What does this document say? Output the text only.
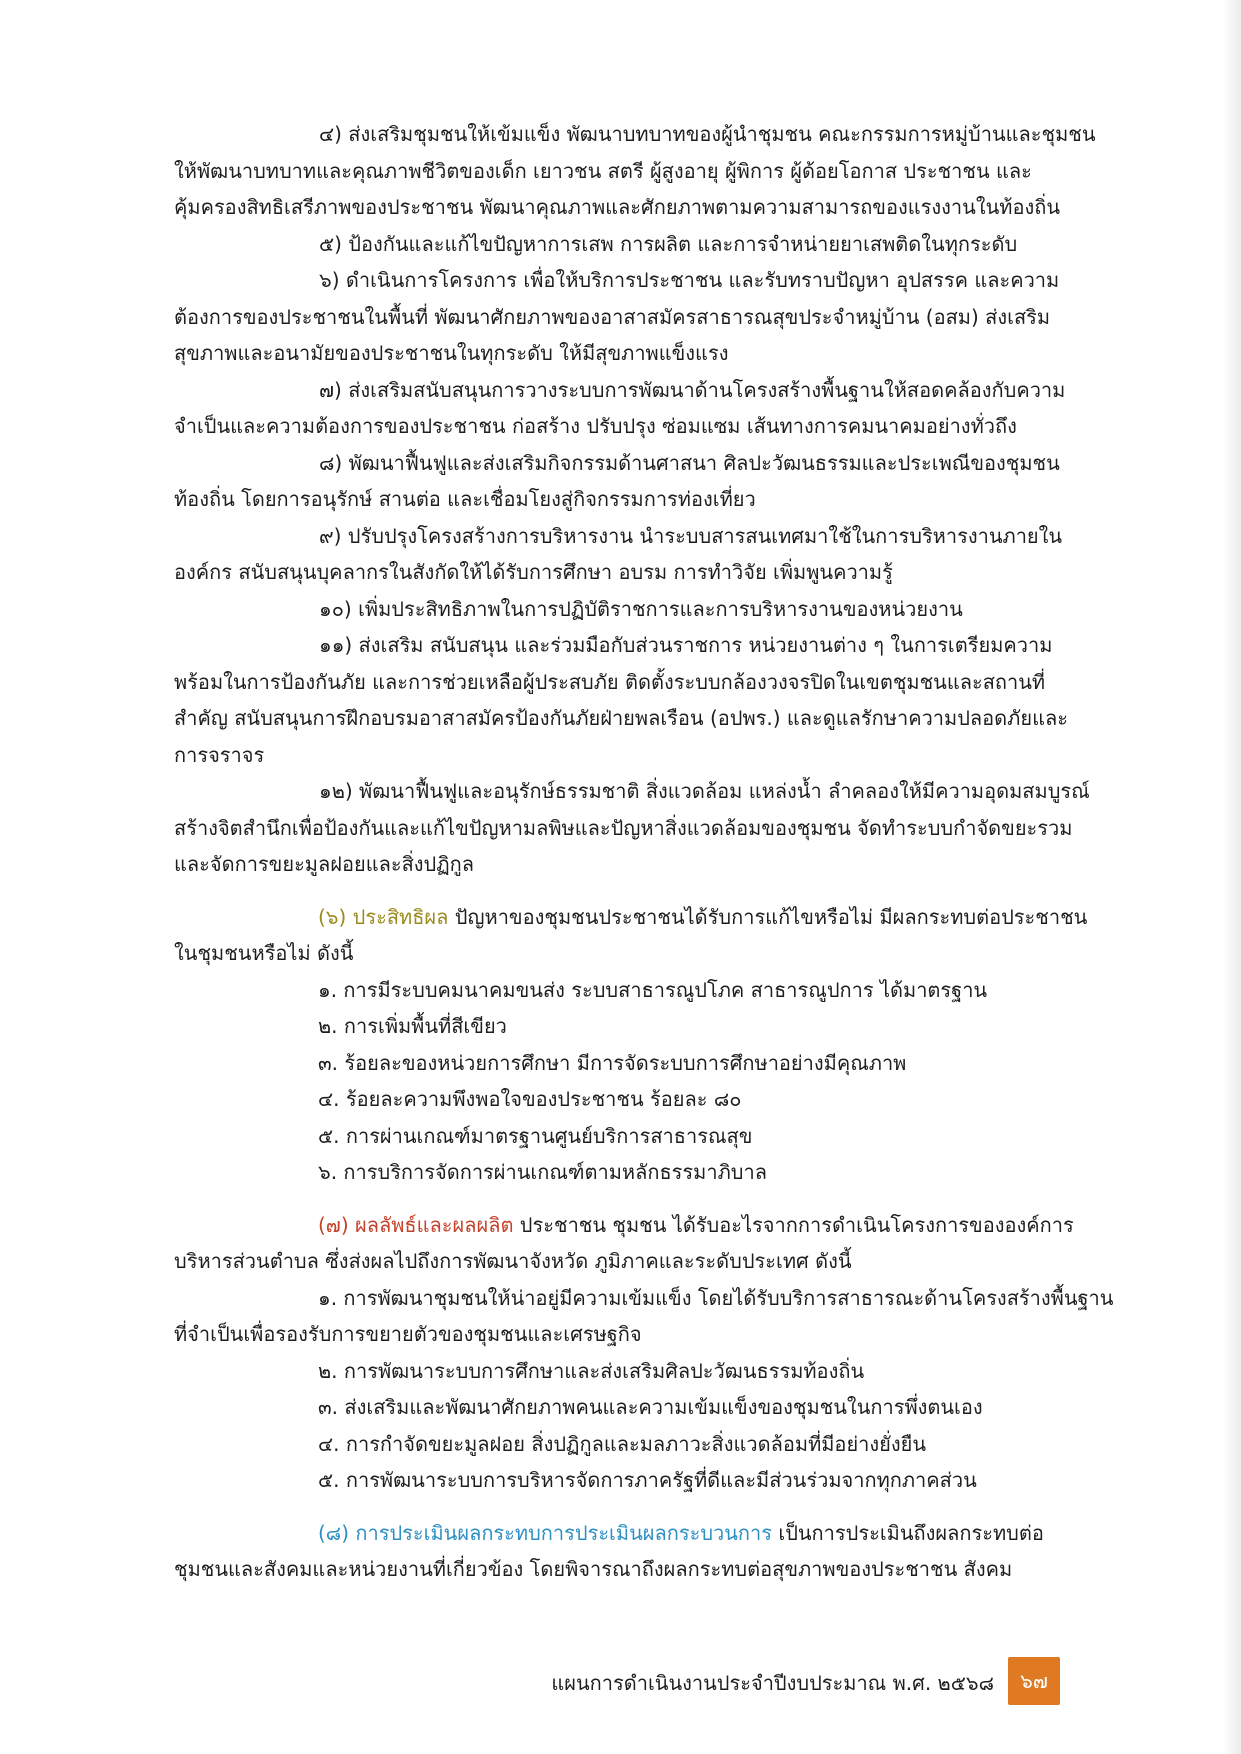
๔) ส่งเสริมชุมชนให้เข้มแข็ง พัฒนาบทบาทของผู้นำชุมชน คณะกรรมการหมู่บ้านและชุมชน

ให้พัฒนาบทบาทและคุณภาพชีวิตของเด็ก เยาวชน สตรี ผู้สูงอายุ ผู้พิการ ผู้ด้อยโอกาส ประชาชน และ

คุ้มครองสิทธิเสรีภาพของประชาชน พัฒนาคุณภาพและศักยภาพตามความสามารถของแรงงานในท้องถิ่น

๕) ป้องกันและแก้ไขปัญหาการเสพ การผลิต และการจำหน่ายยาเสพติดในทุกระดับ

๖) ดำเนินการโครงการ เพื่อให้บริการประชาชน และรับทราบปัญหา อุปสรรค และความ

ต้องการของประชาชนในพื้นที่ พัฒนาศักยภาพของอาสาสมัครสาธารณสุขประจำหมู่บ้าน (อสม) ส่งเสริม

สุขภาพและอนามัยของประชาชนในทุกระดับ ให้มีสุขภาพแข็งแรง

๗) ส่งเสริมสนับสนุนการวางระบบการพัฒนาด้านโครงสร้างพื้นฐานให้สอดคล้องกับความ

จำเป็นและความต้องการของประชาชน ก่อสร้าง ปรับปรุง ซ่อมแซม เส้นทางการคมนาคมอย่างทั่วถึง

๘) พัฒนาฟื้นฟูและส่งเสริมกิจกรรมด้านศาสนา ศิลปะวัฒนธรรมและประเพณีของชุมชน

ท้องถิ่น โดยการอนุรักษ์ สานต่อ และเชื่อมโยงสู่กิจกรรมการท่องเที่ยว

๙) ปรับปรุงโครงสร้างการบริหารงาน นำระบบสารสนเทศมาใช้ในการบริหารงานภายใน

องค์กร สนับสนุนบุคลากรในสังกัดให้ได้รับการศึกษา อบรม การทำวิจัย เพิ่มพูนความรู้

๑๐) เพิ่มประสิทธิภาพในการปฏิบัติราชการและการบริหารงานของหน่วยงาน

๑๑) ส่งเสริม สนับสนุน และร่วมมือกับส่วนราชการ หน่วยงานต่าง ๆ ในการเตรียมความ

พร้อมในการป้องกันภัย และการช่วยเหลือผู้ประสบภัย ติดตั้งระบบกล้องวงจรปิดในเขตชุมชนและสถานที่

สำคัญ สนับสนุนการฝึกอบรมอาสาสมัครป้องกันภัยฝ่ายพลเรือน (อปพร.) และดูแลรักษาความปลอดภัยและ

การจราจร

๑๒) พัฒนาฟื้นฟูและอนุรักษ์ธรรมชาติ สิ่งแวดล้อม แหล่งน้ำ ลำคลองให้มีความอุดมสมบูรณ์

สร้างจิตสำนึกเพื่อป้องกันและแก้ไขปัญหามลพิษและปัญหาสิ่งแวดล้อมของชุมชน จัดทำระบบกำจัดขยะรวม

และจัดการขยะมูลฝอยและสิ่งปฏิกูล

(๖) ประสิทธิผล ปัญหาของชุมชนประชาชนได้รับการแก้ไขหรือไม่ มีผลกระทบต่อประชาชน

ในชุมชนหรือไม่ ดังนี้

๑. การมีระบบคมนาคมขนส่ง ระบบสาธารณูปโภค สาธารณูปการ ได้มาตรฐาน

๒. การเพิ่มพื้นที่สีเขียว

๓. ร้อยละของหน่วยการศึกษา มีการจัดระบบการศึกษาอย่างมีคุณภาพ

๔. ร้อยละความพึงพอใจของประชาชน ร้อยละ ๘๐

๕. การผ่านเกณฑ์มาตรฐานศูนย์บริการสาธารณสุข

๖. การบริการจัดการผ่านเกณฑ์ตามหลักธรรมาภิบาล

(๗) ผลลัพธ์และผลผลิต ประชาชน ชุมชน ได้รับอะไรจากการดำเนินโครงการขององค์การ

บริหารส่วนตำบล ซึ่งส่งผลไปถึงการพัฒนาจังหวัด ภูมิภาคและระดับประเทศ ดังนี้

๑. การพัฒนาชุมชนให้น่าอยู่มีความเข้มแข็ง โดยได้รับบริการสาธารณะด้านโครงสร้างพื้นฐาน

ที่จำเป็นเพื่อรองรับการขยายตัวของชุมชนและเศรษฐกิจ

๒. การพัฒนาระบบการศึกษาและส่งเสริมศิลปะวัฒนธรรมท้องถิ่น

๓. ส่งเสริมและพัฒนาศักยภาพคนและความเข้มแข็งของชุมชนในการพึ่งตนเอง

๔. การกำจัดขยะมูลฝอย สิ่งปฏิกูลและมลภาวะสิ่งแวดล้อมที่มีอย่างยั่งยืน

๕. การพัฒนาระบบการบริหารจัดการภาครัฐที่ดีและมีส่วนร่วมจากทุกภาคส่วน

(๘) การประเมินผลกระทบการประเมินผลกระบวนการ เป็นการประเมินถึงผลกระทบต่อ

ชุมชนและสังคมและหน่วยงานที่เกี่ยวข้อง โดยพิจารณาถึงผลกระทบต่อสุขภาพของประชาชน สังคม

แผนการดำเนินงานประจำปีงบประมาณ พ.ศ. ๒๕๖๘	๖๗
